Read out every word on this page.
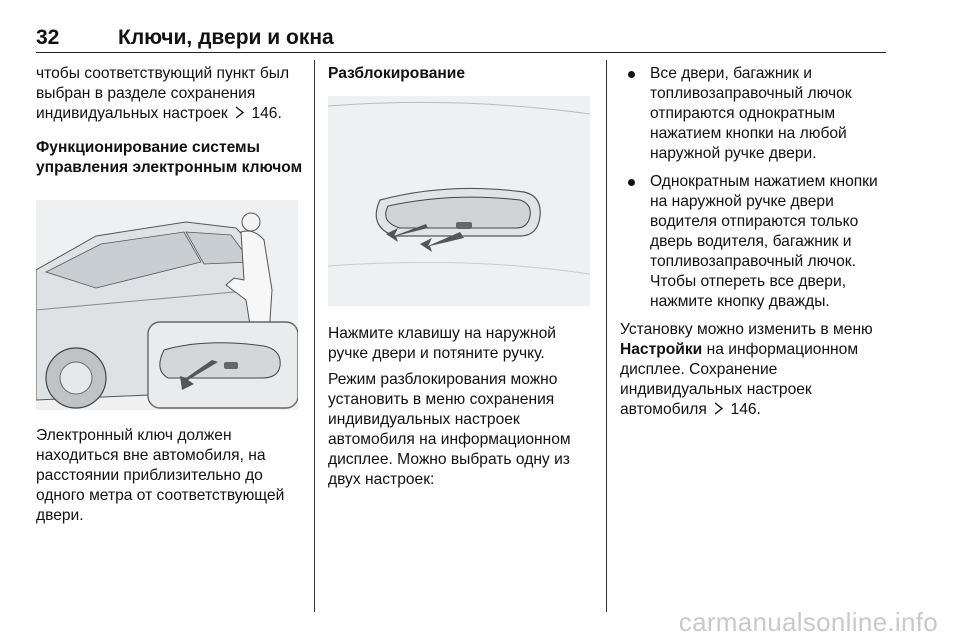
32	Ключи, двери и окна

чтобы соответствующий пункт был выбран в разделе сохранения индивидуальных настроек 146.

Функционирование системы управления электронным ключом

Электронный ключ должен находиться вне автомобиля, на расстоянии приблизительно до одного метра от соответствующей двери.

Разблокирование

Нажмите клавишу на наружной ручке двери и потяните ручку.

Режим разблокирования можно установить в меню сохранения индивидуальных настроек автомобиля на информационном дисплее. Можно выбрать одну из двух настроек:

Все двери, багажник и топливозаправочный лючок отпираются однократным нажатием кнопки на любой наружной ручке двери.
Однократным нажатием кнопки на наружной ручке двери водителя отпираются только дверь водителя, багажник и топливозаправочный лючок. Чтобы отпереть все двери, нажмите кнопку дважды.

Установку можно изменить в меню Настройки на информационном дисплее. Сохранение индивидуальных настроек автомобиля 146.

carmanualsonline.info
